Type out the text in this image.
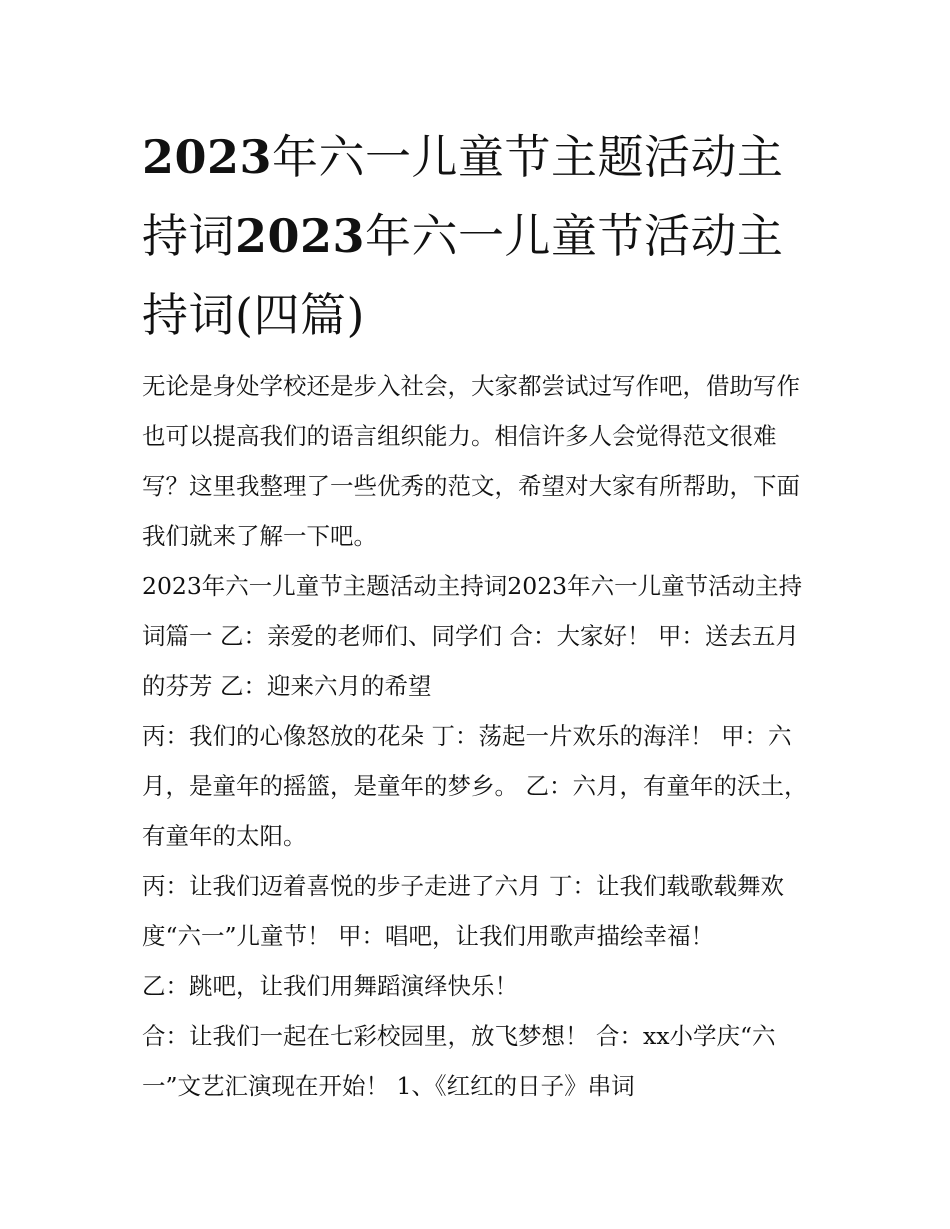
2023年六一儿童节主题活动主持词2023年六一儿童节活动主持词(四篇)

无论是身处学校还是步入社会，大家都尝试过写作吧，借助写作也可以提高我们的语言组织能力。相信许多人会觉得范文很难写？这里我整理了一些优秀的范文，希望对大家有所帮助，下面我们就来了解一下吧。

2023年六一儿童节主题活动主持词2023年六一儿童节活动主持词篇一 乙：亲爱的老师们、同学们 合：大家好！ 甲：送去五月的芬芳 乙：迎来六月的希望

丙：我们的心像怒放的花朵 丁：荡起一片欢乐的海洋！ 甲：六月，是童年的摇篮，是童年的梦乡。 乙：六月，有童年的沃土，有童年的太阳。

丙：让我们迈着喜悦的步子走进了六月 丁：让我们载歌载舞欢度“六一”儿童节！ 甲：唱吧，让我们用歌声描绘幸福！

乙：跳吧，让我们用舞蹈演绎快乐！

合：让我们一起在七彩校园里，放飞梦想！ 合：xx小学庆“六一”文艺汇演现在开始！ 1、《红红的日子》串词
